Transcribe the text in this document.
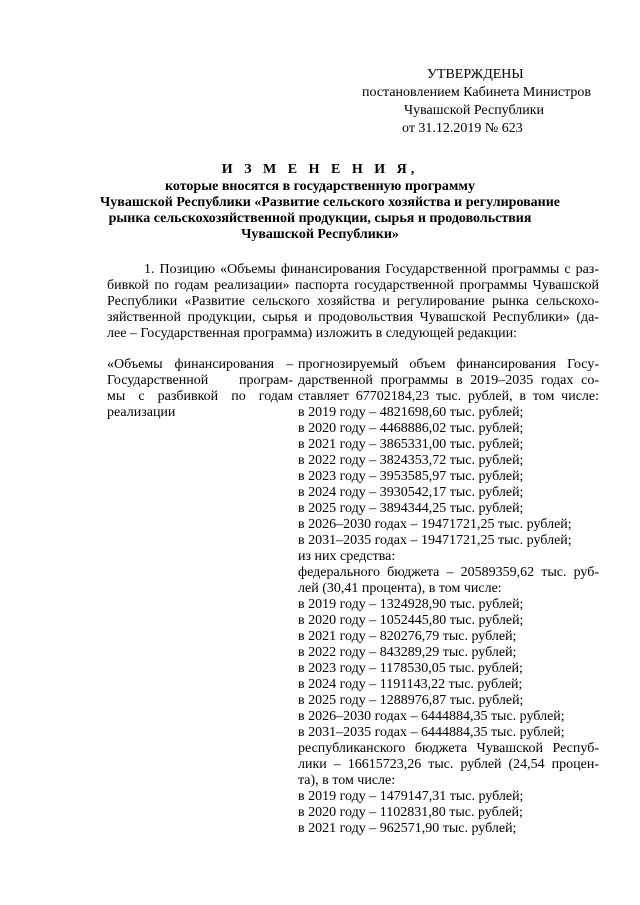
УТВЕРЖДЕНЫ
постановлением Кабинета Министров
Чувашской Республики
от 31.12.2019 № 623
И З М Е Н Е Н И Я,
которые вносятся в государственную программу
Чувашской Республики «Развитие сельского хозяйства и регулирование
рынка сельскохозяйственной продукции, сырья и продовольствия
Чувашской Республики»
1. Позицию «Объемы финансирования Государственной программы с раз-
бивкой по годам реализации» паспорта государственной программы Чувашской
Республики «Развитие сельского хозяйства и регулирование рынка сельскохо-
зяйственной продукции, сырья и продовольствия Чувашской Республики» (да-
лее – Государственная программа) изложить в следующей редакции:
«Объемы финансирования –
Государственной програм-
мы с разбивкой по годам
реализации
прогнозируемый объем финансирования Госу-
дарственной программы в 2019–2035 годах со-
ставляет 67702184,23 тыс. рублей, в том числе:
в 2019 году – 4821698,60 тыс. рублей;
в 2020 году – 4468886,02 тыс. рублей;
в 2021 году – 3865331,00 тыс. рублей;
в 2022 году – 3824353,72 тыс. рублей;
в 2023 году – 3953585,97 тыс. рублей;
в 2024 году – 3930542,17 тыс. рублей;
в 2025 году – 3894344,25 тыс. рублей;
в 2026–2030 годах – 19471721,25 тыс. рублей;
в 2031–2035 годах – 19471721,25 тыс. рублей;
из них средства:
федерального бюджета – 20589359,62 тыс. руб-
лей (30,41 процента), в том числе:
в 2019 году – 1324928,90 тыс. рублей;
в 2020 году – 1052445,80 тыс. рублей;
в 2021 году – 820276,79 тыс. рублей;
в 2022 году – 843289,29 тыс. рублей;
в 2023 году – 1178530,05 тыс. рублей;
в 2024 году – 1191143,22 тыс. рублей;
в 2025 году – 1288976,87 тыс. рублей;
в 2026–2030 годах – 6444884,35 тыс. рублей;
в 2031–2035 годах – 6444884,35 тыс. рублей;
республиканского бюджета Чувашской Респуб-
лики – 16615723,26 тыс. рублей (24,54 процен-
та), в том числе:
в 2019 году – 1479147,31 тыс. рублей;
в 2020 году – 1102831,80 тыс. рублей;
в 2021 году – 962571,90 тыс. рублей;
